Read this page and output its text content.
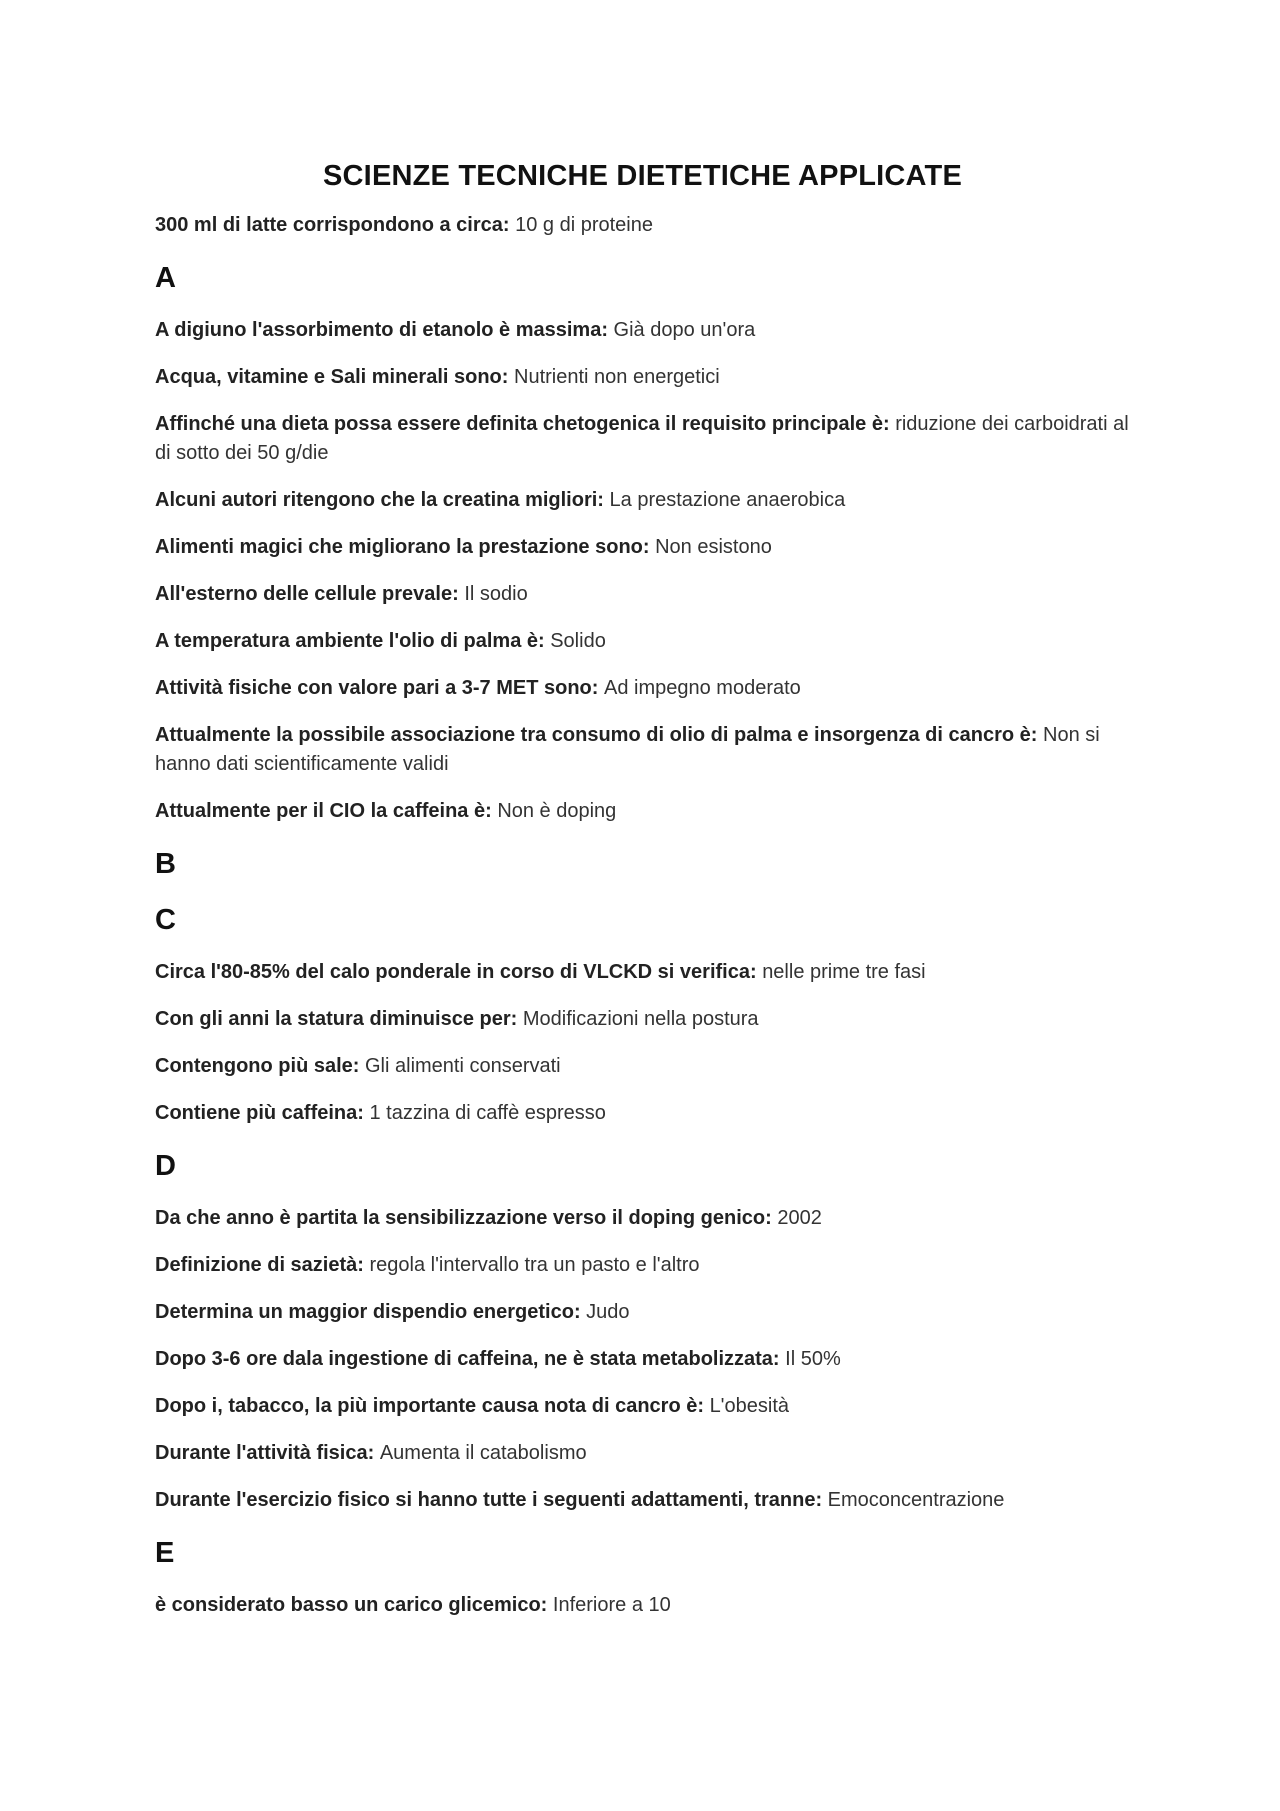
SCIENZE TECNICHE DIETETICHE APPLICATE
300 ml di latte corrispondono a circa: 10 g di proteine
A
A digiuno l'assorbimento di etanolo è massima: Già dopo un'ora
Acqua, vitamine e Sali minerali sono: Nutrienti non energetici
Affinché una dieta possa essere definita chetogenica il requisito principale è: riduzione dei carboidrati al di sotto dei 50 g/die
Alcuni autori ritengono che la creatina migliori: La prestazione anaerobica
Alimenti magici che migliorano la prestazione sono: Non esistono
All'esterno delle cellule prevale: Il sodio
A temperatura ambiente l'olio di palma è: Solido
Attività fisiche con valore pari a 3-7 MET sono: Ad impegno moderato
Attualmente la possibile associazione tra consumo di olio di palma e insorgenza di cancro è: Non si hanno dati scientificamente validi
Attualmente per il CIO la caffeina è: Non è doping
B
C
Circa l'80-85% del calo ponderale in corso di VLCKD si verifica: nelle prime tre fasi
Con gli anni la statura diminuisce per: Modificazioni nella postura
Contengono più sale: Gli alimenti conservati
Contiene più caffeina: 1 tazzina di caffè espresso
D
Da che anno è partita la sensibilizzazione verso il doping genico: 2002
Definizione di sazietà: regola l'intervallo tra un pasto e l'altro
Determina un maggior dispendio energetico: Judo
Dopo 3-6 ore dala ingestione di caffeina, ne è stata metabolizzata: Il 50%
Dopo i, tabacco, la più importante causa nota di cancro è: L'obesità
Durante l'attività fisica: Aumenta il catabolismo
Durante l'esercizio fisico si hanno tutte i seguenti adattamenti, tranne: Emoconcentrazione
E
è considerato basso un carico glicemico: Inferiore a 10
